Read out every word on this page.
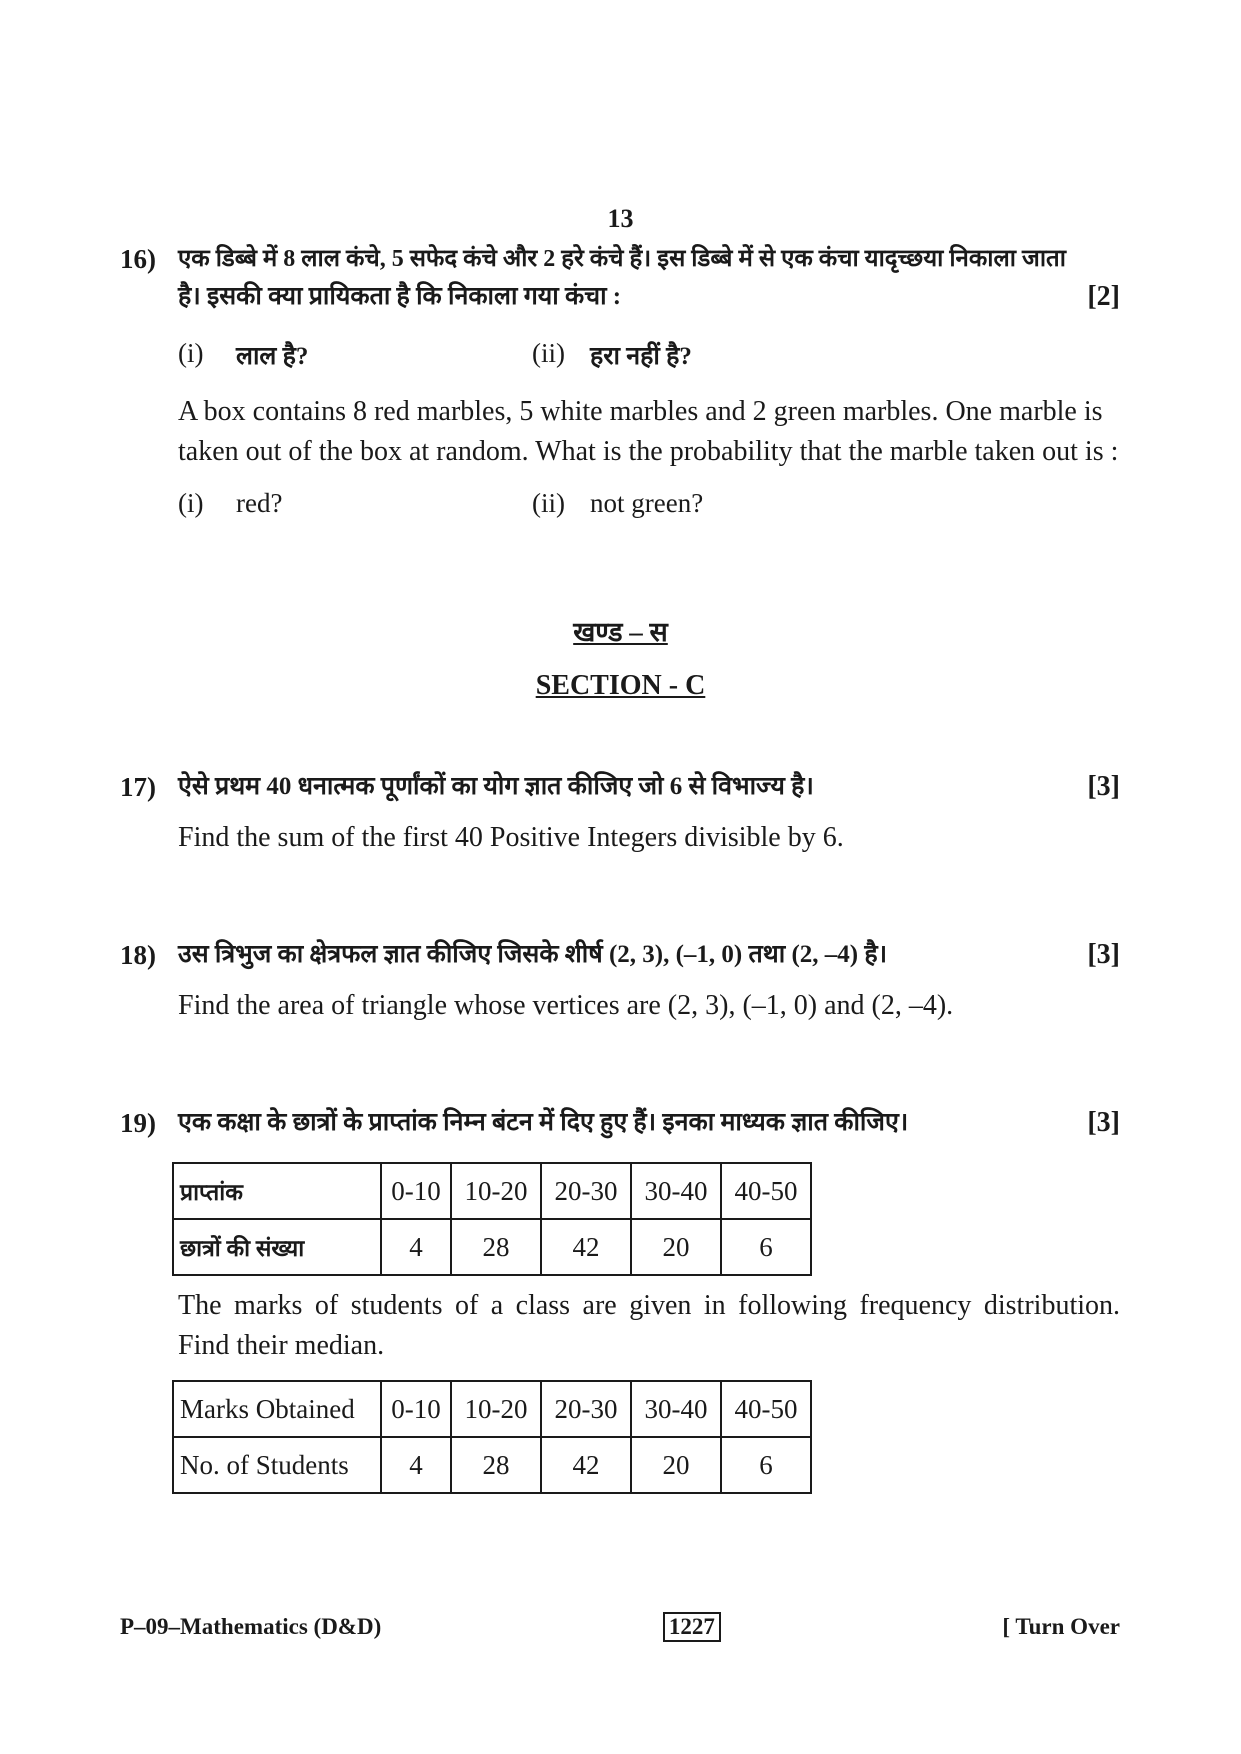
13
16) एक डिब्बे में 8 लाल कंचे, 5 सफेद कंचे और 2 हरे कंचे हैं। इस डिब्बे में से एक कंचा यादृच्छया निकाला जाता
है। इसकी क्या प्रायिकता है कि निकाला गया कंचा :	[2]
(i)	लाल है?	(ii)	हरा नहीं है?
A box contains 8 red marbles, 5 white marbles and 2 green marbles. One marble is
taken out of the box at random. What is the probability that the marble taken out is :
(i)	red?	(ii) not green?
खण्ड – स
SECTION - C
17) ऐसे प्रथम 40 धनात्मक पूर्णांकों का योग ज्ञात कीजिए जो 6 से विभाज्य है।	[3]
Find the sum of the first 40 Positive Integers divisible by 6.
18) उस त्रिभुज का क्षेत्रफल ज्ञात कीजिए जिसके शीर्ष (2, 3), (–1, 0) तथा (2, –4) है।	[3]
Find the area of triangle whose vertices are (2, 3), (–1, 0) and (2, –4).
19) एक कक्षा के छात्रों के प्राप्तांक निम्न बंटन में दिए हुए हैं। इनका माध्यक ज्ञात कीजिए।	[3]
प्राप्तांक	0-10	10-20	20-30	30-40	40-50
छात्रों की संख्या	4	28	42	20	6
The marks of students of a class are given in following frequency distribution.
Find their median.
Marks Obtained	0-10	10-20	20-30	30-40	40-50
No. of Students	4	28	42	20	6
P–09–Mathematics (D&D)	1227	[ Turn Over
